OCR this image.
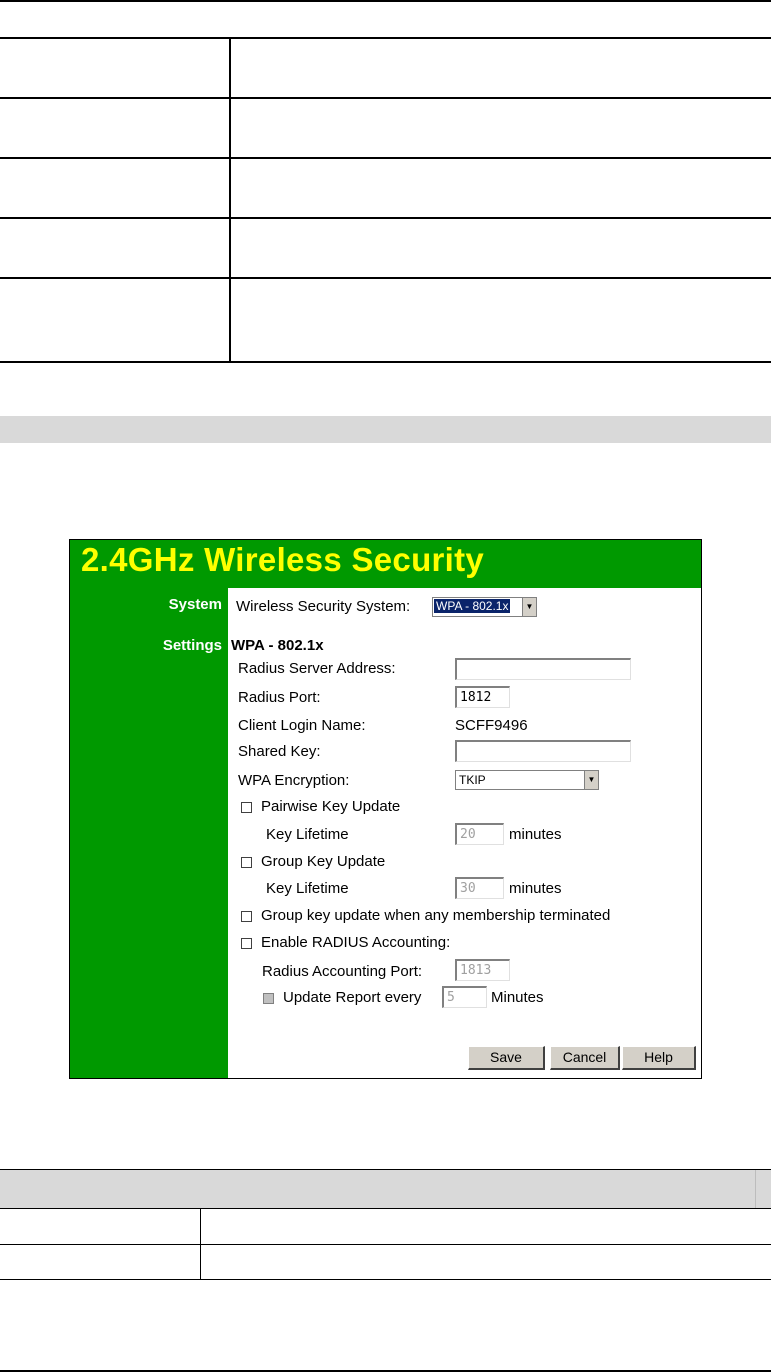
2.4GHz Wireless Security
System
Settings
Wireless Security System: WPA - 802.1x	▼
WPA - 802.1x
Radius Server Address:
Radius Port:	1812
Client Login Name:	SCFF9496
Shared Key:
WPA Encryption:	TKIP	▼
Pairwise Key Update
Key Lifetime	20	minutes
Group Key Update
Key Lifetime	30	minutes
Group key update when any membership terminated
Enable RADIUS Accounting:
Radius Accounting Port:	1813
Update Report every	5	Minutes
Save	Cancel	Help
